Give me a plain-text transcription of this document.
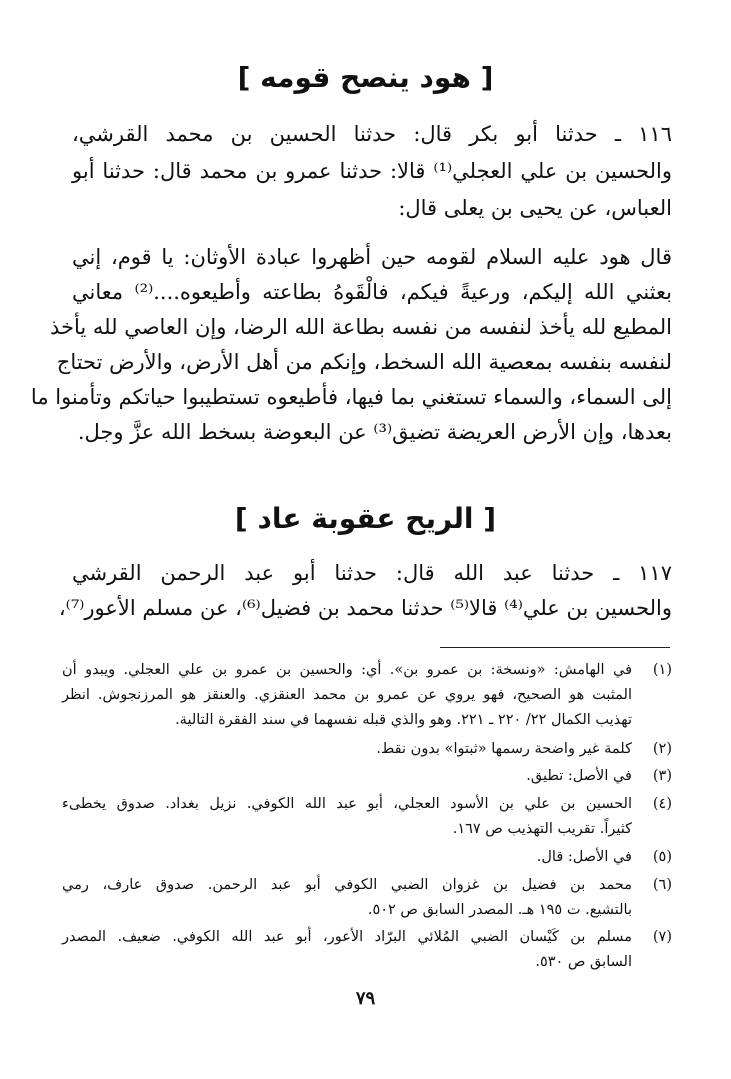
[ هود ينصح قومه ]
١١٦ ـ حدثنا أبو بكر قال: حدثنا الحسين بن محمد القرشي،
والحسين بن علي العجلي⁽¹⁾ قالا: حدثنا عمرو بن محمد قال: حدثنا أبو
العباس، عن يحيى بن يعلى قال:
قال هود عليه السلام لقومه حين أظهروا عبادة الأوثان: يا قوم، إني
بعثني الله إليكم، ورعيةً فيكم، فالْقَوهُ بطاعته وأطيعوه....⁽²⁾ معاني
المطيع لله يأخذ لنفسه من نفسه بطاعة الله الرضا، وإن العاصي لله يأخذ
لنفسه بنفسه بمعصية الله السخط، وإنكم من أهل الأرض، والأرض تحتاج
إلى السماء، والسماء تستغني بما فيها، فأطيعوه تستطيبوا حياتكم وتأمنوا ما
بعدها، وإن الأرض العريضة تضيق⁽³⁾ عن البعوضة بسخط الله عزَّ وجل.
[ الريح عقوبة عاد ]
١١٧ ـ حدثنا عبد الله قال: حدثنا أبو عبد الرحمن القرشي
والحسين بن علي⁽⁴⁾ قالا⁽⁵⁾ حدثنا محمد بن فضيل⁽⁶⁾، عن مسلم الأعور⁽⁷⁾،
(١)
في الهامش: «ونسخة: بن عمرو بن». أي: والحسين بن عمرو بن علي العجلي. ويبدو أن
المثبت هو الصحيح، فهو يروي عن عمرو بن محمد العنقزي. والعنقز هو المرزنجوش. انظر
تهذيب الكمال ٢٢/ ٢٢٠ ـ ٢٢١. وهو والذي قبله نفسهما في سند الفقرة التالية.
(٢)
كلمة غير واضحة رسمها «ثبتوا» بدون نقط.
(٣)
في الأصل: تطيق.
(٤)
الحسين بن علي بن الأسود العجلي، أبو عبد الله الكوفي. نزيل بغداد. صدوق يخطىء
كثيراً. تقريب التهذيب ص ١٦٧.
(٥)
في الأصل: قال.
(٦)
محمد بن فضيل بن غزوان الضبي الكوفي أبو عبد الرحمن. صدوق عارف، رمي
بالتشيع. ت ١٩٥ هـ. المصدر السابق ص ٥٠٢.
(٧)
مسلم بن كَيْسان الضبي المُلائي البرّاد الأعور، أبو عبد الله الكوفي. ضعيف. المصدر
السابق ص ٥٣٠.
٧٩
